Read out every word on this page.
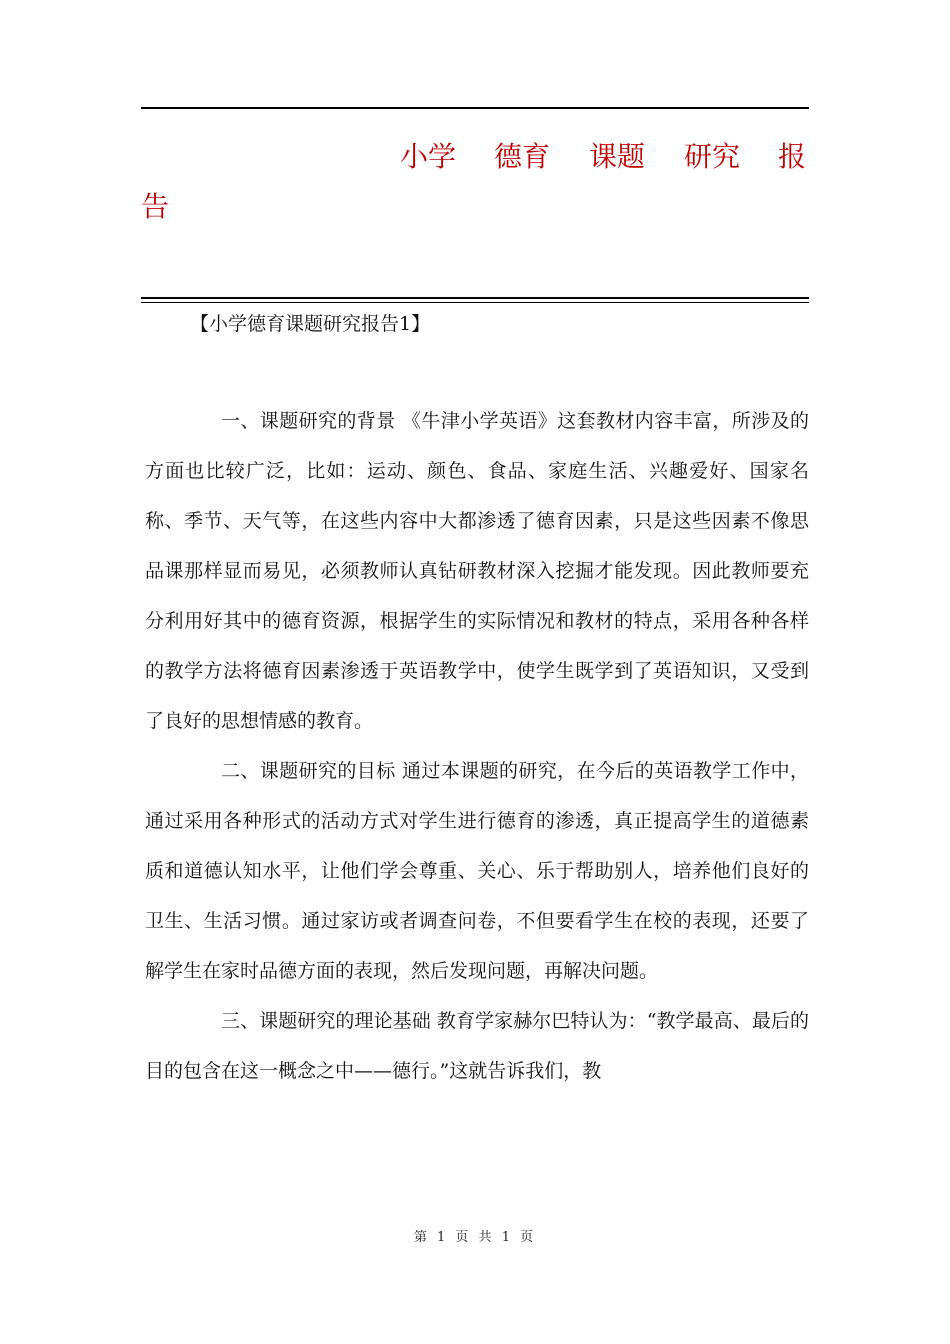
小学 德育 课题 研究 报
告
【小学德育课题研究报告1】

一、课题研究的背景 《牛津小学英语》这套教材内容丰富，所涉及的方面也比较广泛，比如：运动、颜色、食品、家庭生活、兴趣爱好、国家名称、季节、天气等，在这些内容中大都渗透了德育因素，只是这些因素不像思品课那样显而易见，必须教师认真钻研教材深入挖掘才能发现。因此教师要充分利用好其中的德育资源，根据学生的实际情况和教材的特点，采用各种各样的教学方法将德育因素渗透于英语教学中，使学生既学到了英语知识，又受到了良好的思想情感的教育。

二、课题研究的目标 通过本课题的研究，在今后的英语教学工作中，通过采用各种形式的活动方式对学生进行德育的渗透，真正提高学生的道德素质和道德认知水平，让他们学会尊重、关心、乐于帮助别人，培养他们良好的卫生、生活习惯。通过家访或者调查问卷，不但要看学生在校的表现，还要了解学生在家时品德方面的表现，然后发现问题，再解决问题。

三、课题研究的理论基础 教育学家赫尔巴特认为：“教学最高、最后的目的包含在这一概念之中——德行。”这就告诉我们，教

第 1 页 共 1 页
